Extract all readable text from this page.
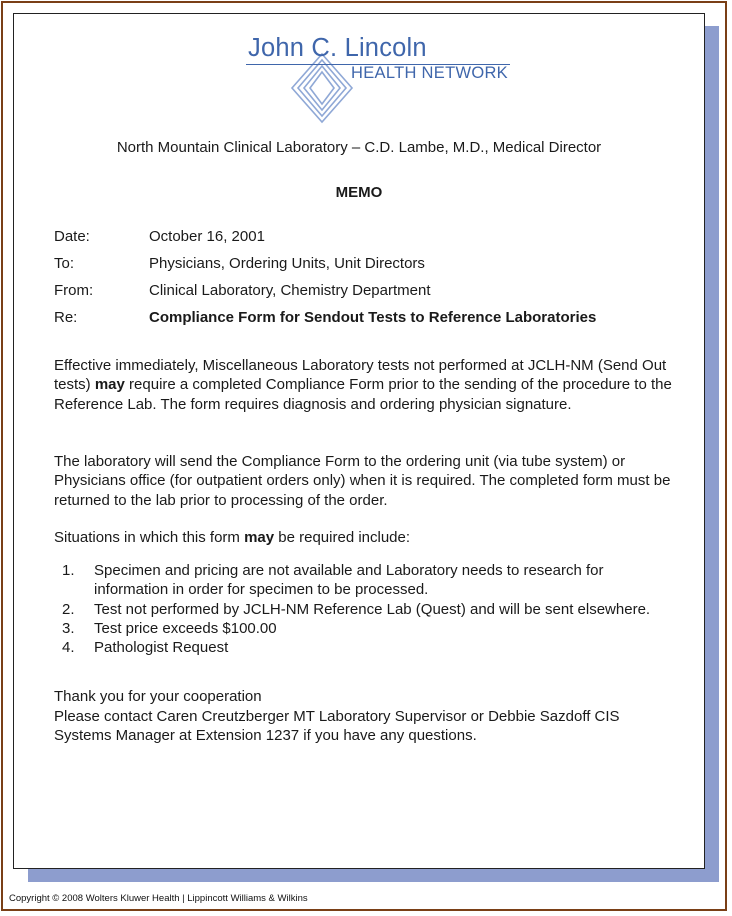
John C. Lincoln
HEALTH NETWORK
North Mountain Clinical Laboratory – C.D. Lambe, M.D., Medical Director
MEMO
Date:	October 16, 2001
To:	Physicians, Ordering Units, Unit Directors
From:	Clinical Laboratory, Chemistry Department
Re:	Compliance Form for Sendout Tests to Reference Laboratories
Effective immediately, Miscellaneous Laboratory tests not performed at JCLH-NM (Send Out tests) may require a completed Compliance Form prior to the sending of the procedure to the Reference Lab. The form requires diagnosis and ordering physician signature.
The laboratory will send the Compliance Form to the ordering unit (via tube system) or Physicians office (for outpatient orders only) when it is required. The completed form must be returned to the lab prior to processing of the order.
Situations in which this form may be required include:
1.	Specimen and pricing are not available and Laboratory needs to research for information in order for specimen to be processed.
2.	Test not performed by JCLH-NM Reference Lab (Quest) and will be sent elsewhere.
3.	Test price exceeds $100.00
4.	Pathologist Request
Thank you for your cooperation
Please contact Caren Creutzberger MT Laboratory Supervisor or Debbie Sazdoff CIS Systems Manager at Extension 1237 if you have any questions.
Copyright © 2008 Wolters Kluwer Health | Lippincott Williams & Wilkins
